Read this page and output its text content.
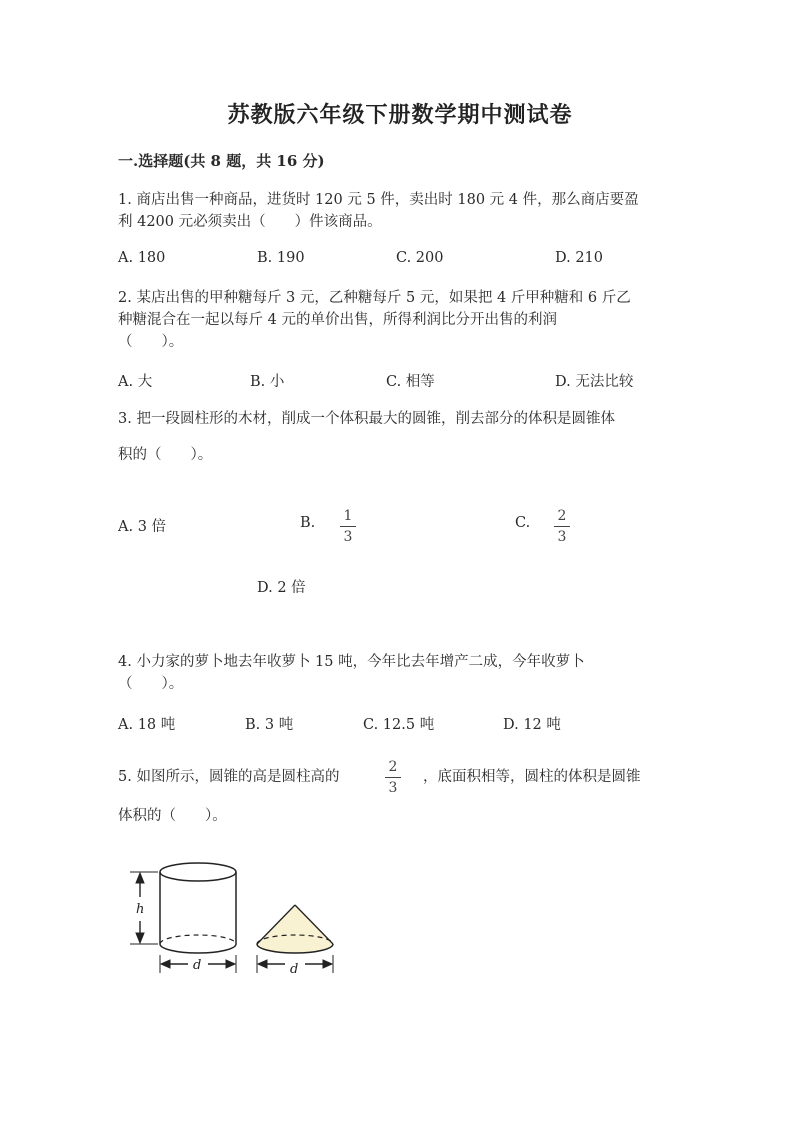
苏教版六年级下册数学期中测试卷
一.选择题(共 8 题，共 16 分)
1. 商店出售一种商品，进货时 120 元 5 件，卖出时 180 元 4 件，那么商店要盈
利 4200 元必须卖出（　　）件该商品。
A. 180	B. 190	C. 200	D. 210
2. 某店出售的甲种糖每斤 3 元，乙种糖每斤 5 元，如果把 4 斤甲种糖和 6 斤乙
种糖混合在一起以每斤 4 元的单价出售，所得利润比分开出售的利润
（　　）。
A. 大	B. 小	C. 相等	D. 无法比较
3. 把一段圆柱形的木材，削成一个体积最大的圆锥，削去部分的体积是圆锥体
积的（　　）。
A. 3 倍	B.	1
3
C.	2
3
D. 2 倍
4. 小力家的萝卜地去年收萝卜 15 吨，今年比去年增产二成，今年收萝卜
（　　）。
A. 18 吨	B. 3 吨	C. 12.5 吨	D. 12 吨
5. 如图所示，圆锥的高是圆柱高的
2
3
，底面积相等，圆柱的体积是圆锥
体积的（　　）。
h
d	d
